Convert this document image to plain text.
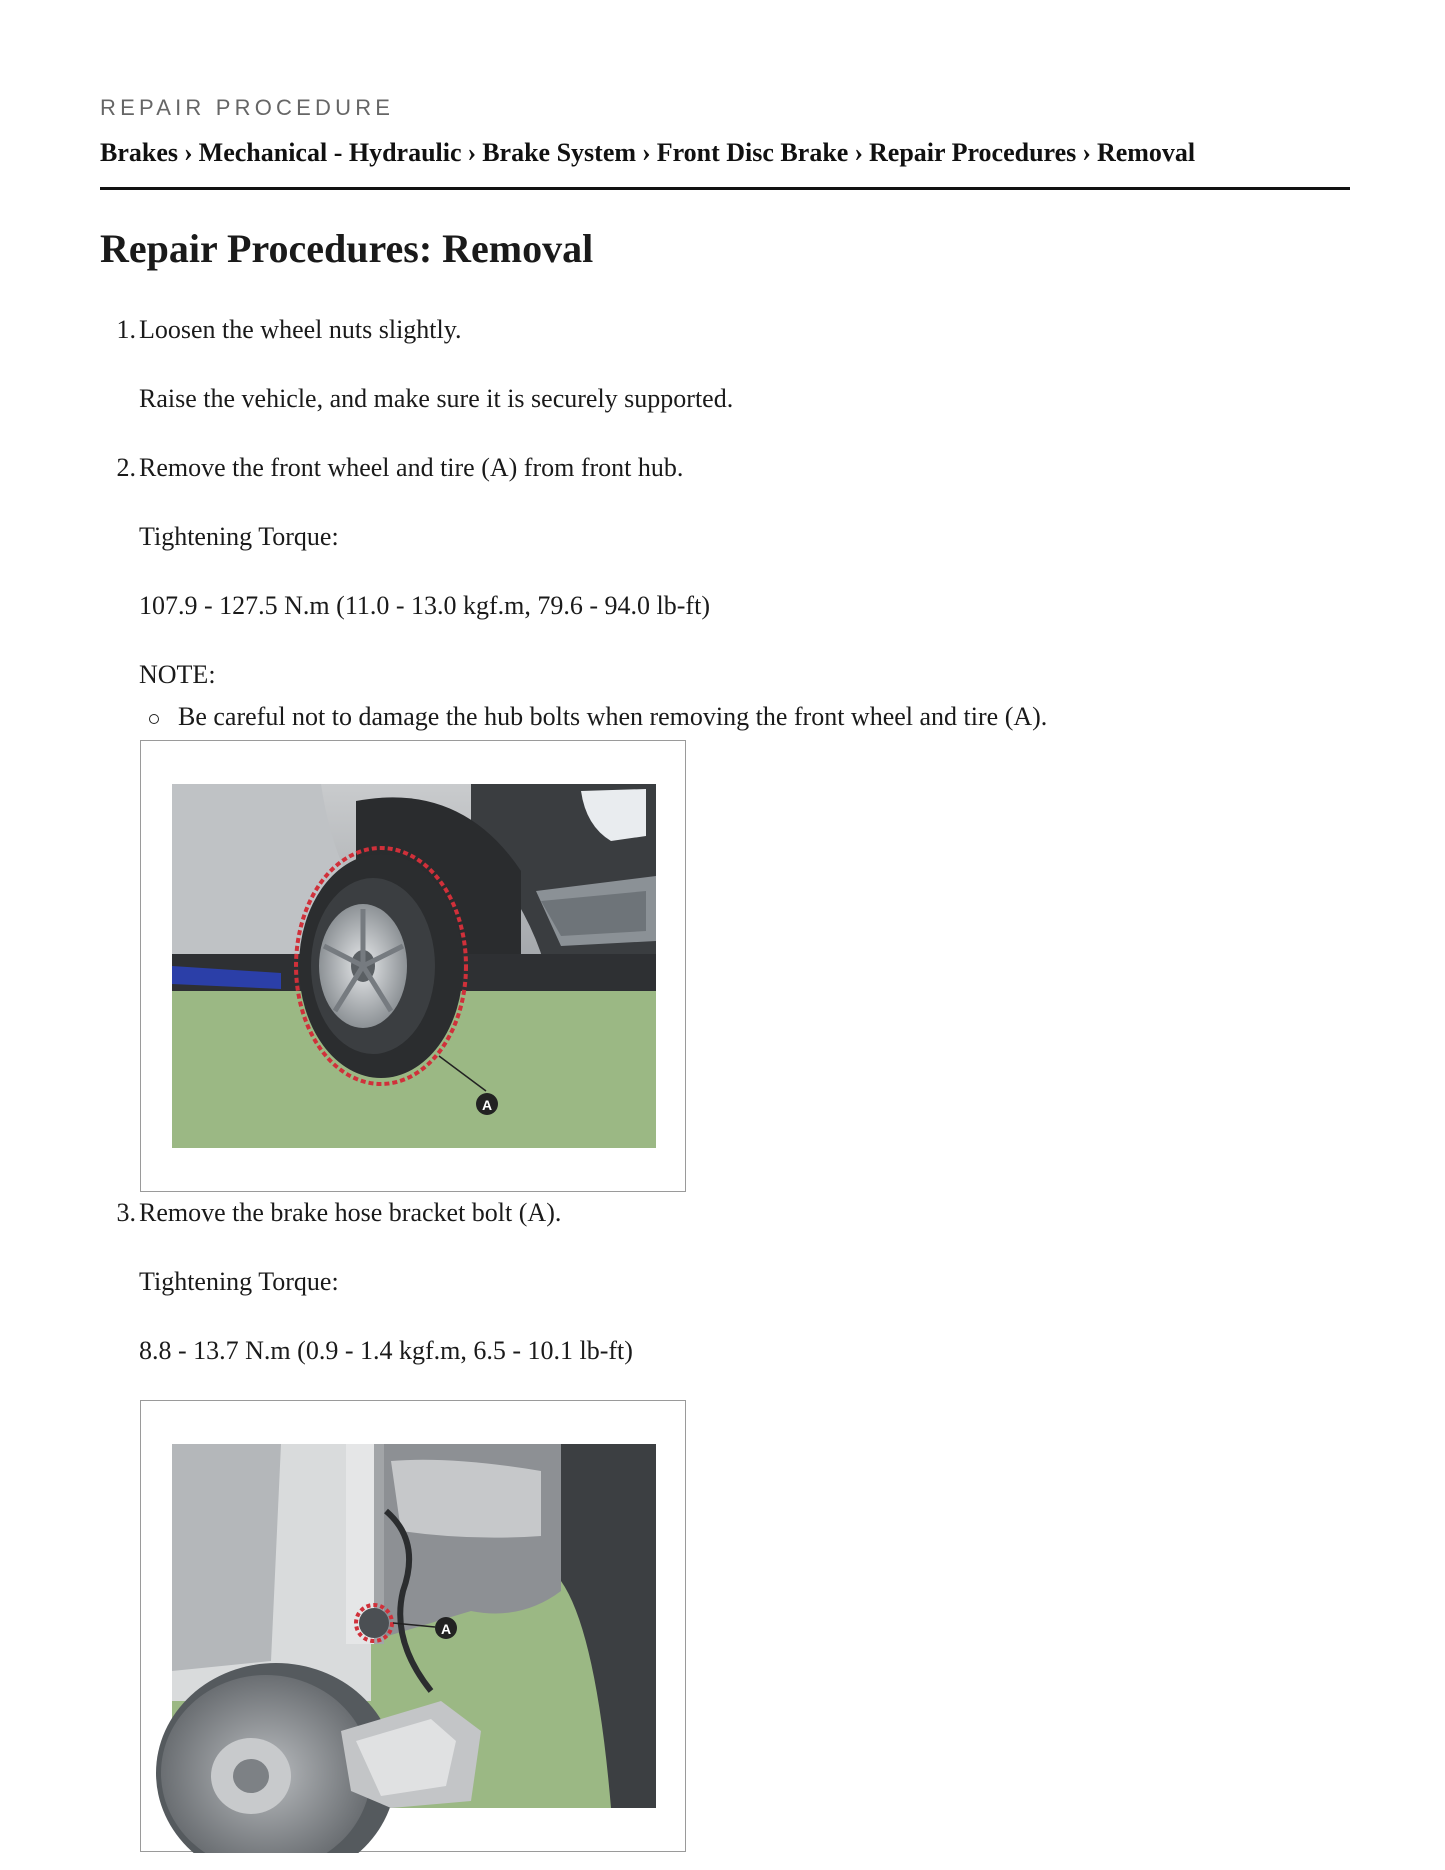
REPAIR PROCEDURE
Brakes › Mechanical - Hydraulic › Brake System › Front Disc Brake › Repair Procedures › Removal
Repair Procedures: Removal
1. Loosen the wheel nuts slightly.
Raise the vehicle, and make sure it is securely supported.
2. Remove the front wheel and tire (A) from front hub.
Tightening Torque:
107.9 - 127.5 N.m (11.0 - 13.0 kgf.m, 79.6 - 94.0 lb-ft)
NOTE:
Be careful not to damage the hub bolts when removing the front wheel and tire (A).
A
3. Remove the brake hose bracket bolt (A).
Tightening Torque:
8.8 - 13.7 N.m (0.9 - 1.4 kgf.m, 6.5 - 10.1 lb-ft)
A
